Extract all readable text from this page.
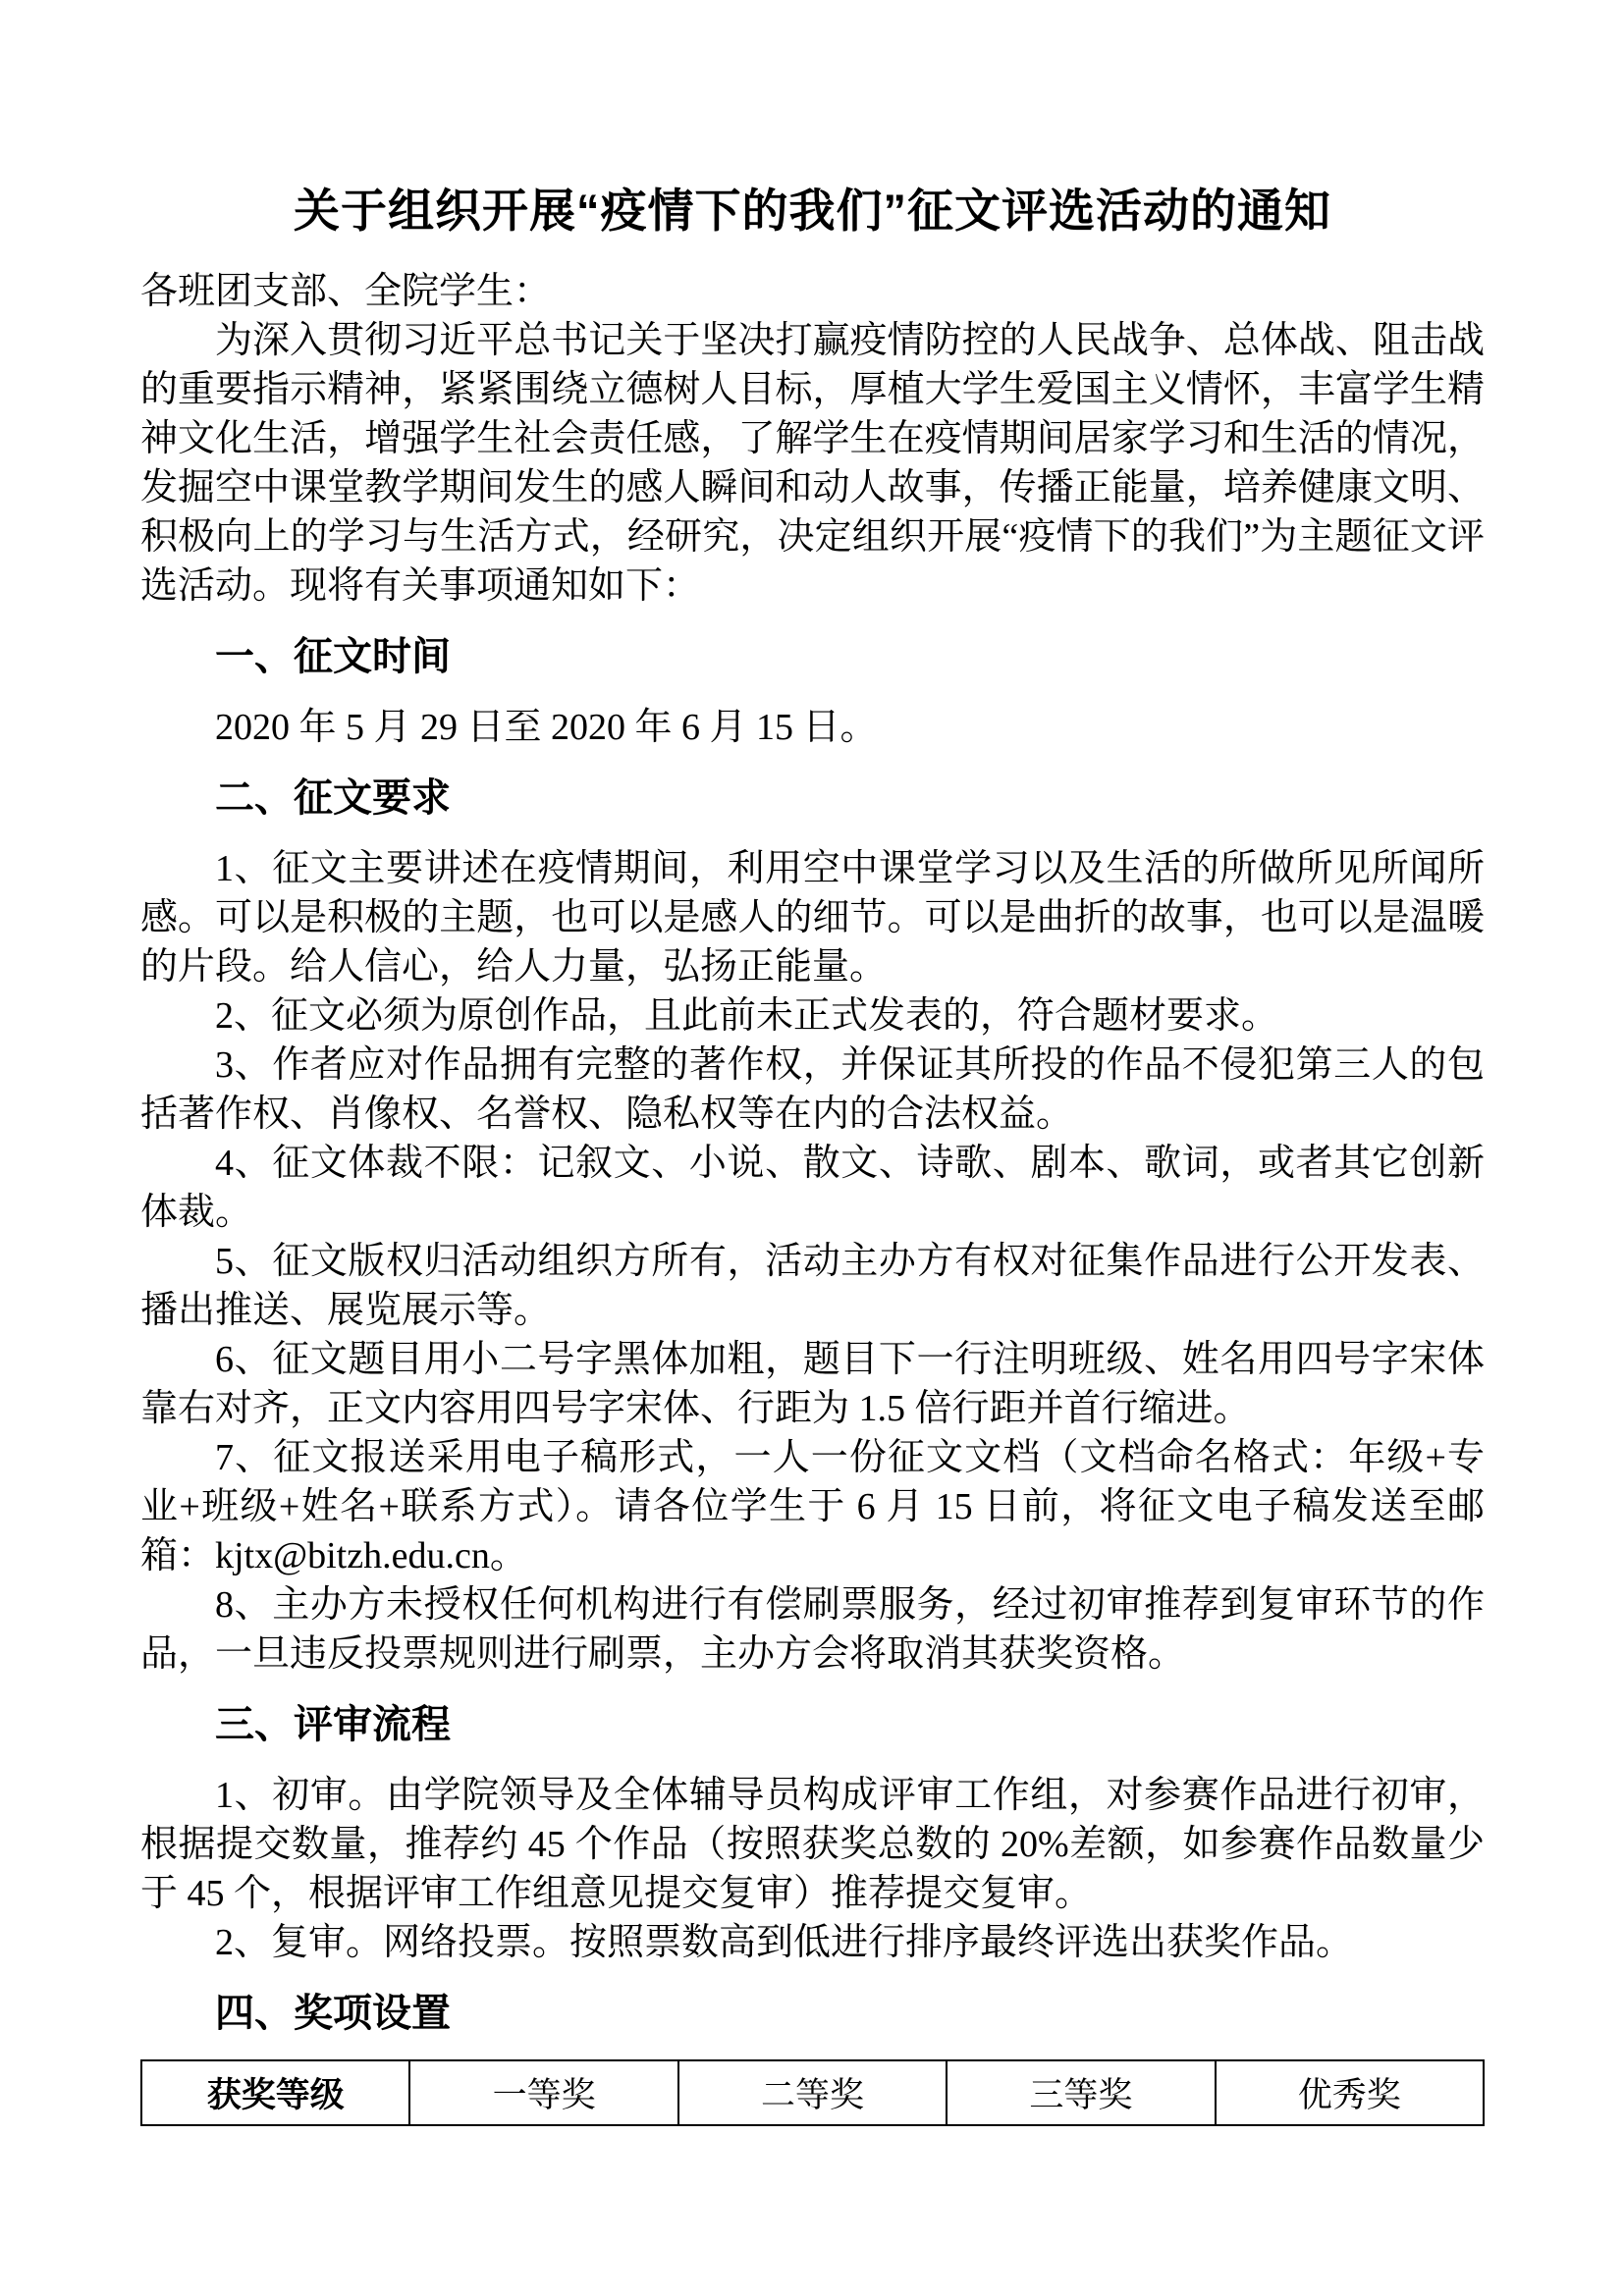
关于组织开展“疫情下的我们”征文评选活动的通知

各班团支部、全院学生：

为深入贯彻习近平总书记关于坚决打赢疫情防控的人民战争、总体战、阻击战的重要指示精神，紧紧围绕立德树人目标，厚植大学生爱国主义情怀，丰富学生精神文化生活，增强学生社会责任感，了解学生在疫情期间居家学习和生活的情况，发掘空中课堂教学期间发生的感人瞬间和动人故事，传播正能量，培养健康文明、积极向上的学习与生活方式，经研究，决定组织开展“疫情下的我们”为主题征文评选活动。现将有关事项通知如下：

一、征文时间

2020 年 5 月 29 日至 2020 年 6 月 15 日。

二、征文要求

1、征文主要讲述在疫情期间，利用空中课堂学习以及生活的所做所见所闻所感。可以是积极的主题，也可以是感人的细节。可以是曲折的故事，也可以是温暖的片段。给人信心，给人力量，弘扬正能量。

2、征文必须为原创作品，且此前未正式发表的，符合题材要求。

3、作者应对作品拥有完整的著作权，并保证其所投的作品不侵犯第三人的包括著作权、肖像权、名誉权、隐私权等在内的合法权益。

4、征文体裁不限：记叙文、小说、散文、诗歌、剧本、歌词，或者其它创新体裁。

5、征文版权归活动组织方所有，活动主办方有权对征集作品进行公开发表、播出推送、展览展示等。

6、征文题目用小二号字黑体加粗，题目下一行注明班级、姓名用四号字宋体靠右对齐，正文内容用四号字宋体、行距为 1.5 倍行距并首行缩进。

7、征文报送采用电子稿形式，一人一份征文文档（文档命名格式：年级+专业+班级+姓名+联系方式）。请各位学生于 6 月 15 日前，将征文电子稿发送至邮箱：kjtx@bitzh.edu.cn。

8、主办方未授权任何机构进行有偿刷票服务，经过初审推荐到复审环节的作品，一旦违反投票规则进行刷票，主办方会将取消其获奖资格。

三、评审流程

1、初审。由学院领导及全体辅导员构成评审工作组，对参赛作品进行初审，根据提交数量，推荐约 45 个作品（按照获奖总数的 20%差额，如参赛作品数量少于 45 个，根据评审工作组意见提交复审）推荐提交复审。

2、复审。网络投票。按照票数高到低进行排序最终评选出获奖作品。

四、奖项设置
获奖等级	一等奖	二等奖	三等奖	优秀奖
